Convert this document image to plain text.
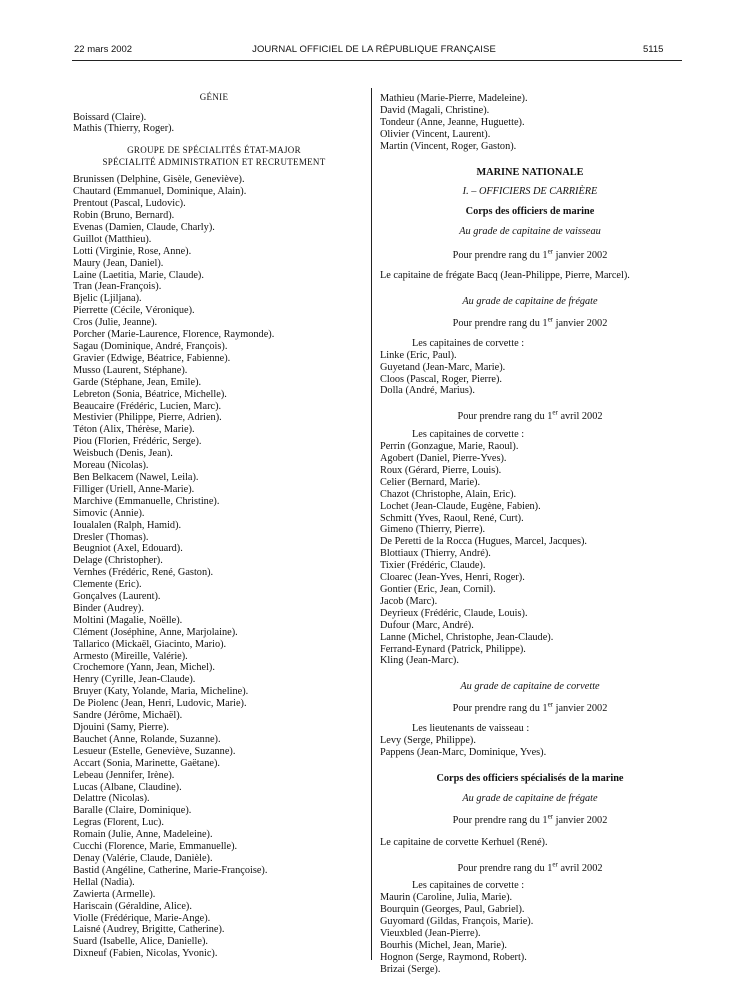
22 mars 2002	JOURNAL OFFICIEL DE LA RÉPUBLIQUE FRANÇAISE	5115
GÉNIE
Boissard (Claire).
Mathis (Thierry, Roger).
GROUPE DE SPÉCIALITÉS ÉTAT-MAJOR
SPÉCIALITÉ ADMINISTRATION ET RECRUTEMENT
Brunissen (Delphine, Gisèle, Geneviève).
Chautard (Emmanuel, Dominique, Alain).
Prentout (Pascal, Ludovic).
Robin (Bruno, Bernard).
Evenas (Damien, Claude, Charly).
Guillot (Matthieu).
Lotti (Virginie, Rose, Anne).
Maury (Jean, Daniel).
Laine (Laetitia, Marie, Claude).
Tran (Jean-François).
Bjelic (Ljiljana).
Pierrette (Cécile, Véronique).
Cros (Julie, Jeanne).
Porcher (Marie-Laurence, Florence, Raymonde).
Sagau (Dominique, André, François).
Gravier (Edwige, Béatrice, Fabienne).
Musso (Laurent, Stéphane).
Garde (Stéphane, Jean, Emile).
Lebreton (Sonia, Béatrice, Michelle).
Beaucaire (Frédéric, Lucien, Marc).
Mestivier (Philippe, Pierre, Adrien).
Téton (Alix, Thérèse, Marie).
Piou (Florien, Frédéric, Serge).
Weisbuch (Denis, Jean).
Moreau (Nicolas).
Ben Belkacem (Nawel, Leila).
Filliger (Uriell, Anne-Marie).
Marchive (Emmanuelle, Christine).
Simovic (Annie).
Ioualalen (Ralph, Hamid).
Dresler (Thomas).
Beugniot (Axel, Edouard).
Delage (Christopher).
Vernhes (Frédéric, René, Gaston).
Clemente (Eric).
Gonçalves (Laurent).
Binder (Audrey).
Moltini (Magalie, Noëlle).
Clément (Joséphine, Anne, Marjolaine).
Tallarico (Mickaël, Giacinto, Mario).
Armesto (Mireille, Valérie).
Crochemore (Yann, Jean, Michel).
Henry (Cyrille, Jean-Claude).
Bruyer (Katy, Yolande, Maria, Micheline).
De Piolenc (Jean, Henri, Ludovic, Marie).
Sandre (Jérôme, Michaël).
Djouini (Samy, Pierre).
Bauchet (Anne, Rolande, Suzanne).
Lesueur (Estelle, Geneviève, Suzanne).
Accart (Sonia, Marinette, Gaëtane).
Lebeau (Jennifer, Irène).
Lucas (Albane, Claudine).
Delattre (Nicolas).
Baralle (Claire, Dominique).
Legras (Florent, Luc).
Romain (Julie, Anne, Madeleine).
Cucchi (Florence, Marie, Emmanuelle).
Denay (Valérie, Claude, Danièle).
Bastid (Angéline, Catherine, Marie-Françoise).
Hellal (Nadia).
Zawierta (Armelle).
Hariscain (Géraldine, Alice).
Violle (Frédérique, Marie-Ange).
Laisné (Audrey, Brigitte, Catherine).
Suard (Isabelle, Alice, Danielle).
Dixneuf (Fabien, Nicolas, Yvonic).
Mathieu (Marie-Pierre, Madeleine).
David (Magali, Christine).
Tondeur (Anne, Jeanne, Huguette).
Olivier (Vincent, Laurent).
Martin (Vincent, Roger, Gaston).
MARINE NATIONALE
I. – OFFICIERS DE CARRIÈRE
Corps des officiers de marine
Au grade de capitaine de vaisseau
Pour prendre rang du 1er janvier 2002
Le capitaine de frégate Bacq (Jean-Philippe, Pierre, Marcel).
Au grade de capitaine de frégate
Pour prendre rang du 1er janvier 2002
Les capitaines de corvette :
Linke (Eric, Paul).
Guyetand (Jean-Marc, Marie).
Cloos (Pascal, Roger, Pierre).
Dolla (André, Marius).
Pour prendre rang du 1er avril 2002
Les capitaines de corvette :
Perrin (Gonzague, Marie, Raoul).
Agobert (Daniel, Pierre-Yves).
Roux (Gérard, Pierre, Louis).
Celier (Bernard, Marie).
Chazot (Christophe, Alain, Eric).
Lochet (Jean-Claude, Eugène, Fabien).
Schmitt (Yves, Raoul, René, Curt).
Gimeno (Thierry, Pierre).
De Peretti de la Rocca (Hugues, Marcel, Jacques).
Blottiaux (Thierry, André).
Tixier (Frédéric, Claude).
Cloarec (Jean-Yves, Henri, Roger).
Gontier (Eric, Jean, Cornil).
Jacob (Marc).
Deyrieux (Frédéric, Claude, Louis).
Dufour (Marc, André).
Lanne (Michel, Christophe, Jean-Claude).
Ferrand-Eynard (Patrick, Philippe).
Kling (Jean-Marc).
Au grade de capitaine de corvette
Pour prendre rang du 1er janvier 2002
Les lieutenants de vaisseau :
Levy (Serge, Philippe).
Pappens (Jean-Marc, Dominique, Yves).
Corps des officiers spécialisés de la marine
Au grade de capitaine de frégate
Pour prendre rang du 1er janvier 2002
Le capitaine de corvette Kerhuel (René).
Pour prendre rang du 1er avril 2002
Les capitaines de corvette :
Maurin (Caroline, Julia, Marie).
Bourquin (Georges, Paul, Gabriel).
Guyomard (Gildas, François, Marie).
Vieuxbled (Jean-Pierre).
Bourhis (Michel, Jean, Marie).
Hognon (Serge, Raymond, Robert).
Brizai (Serge).
